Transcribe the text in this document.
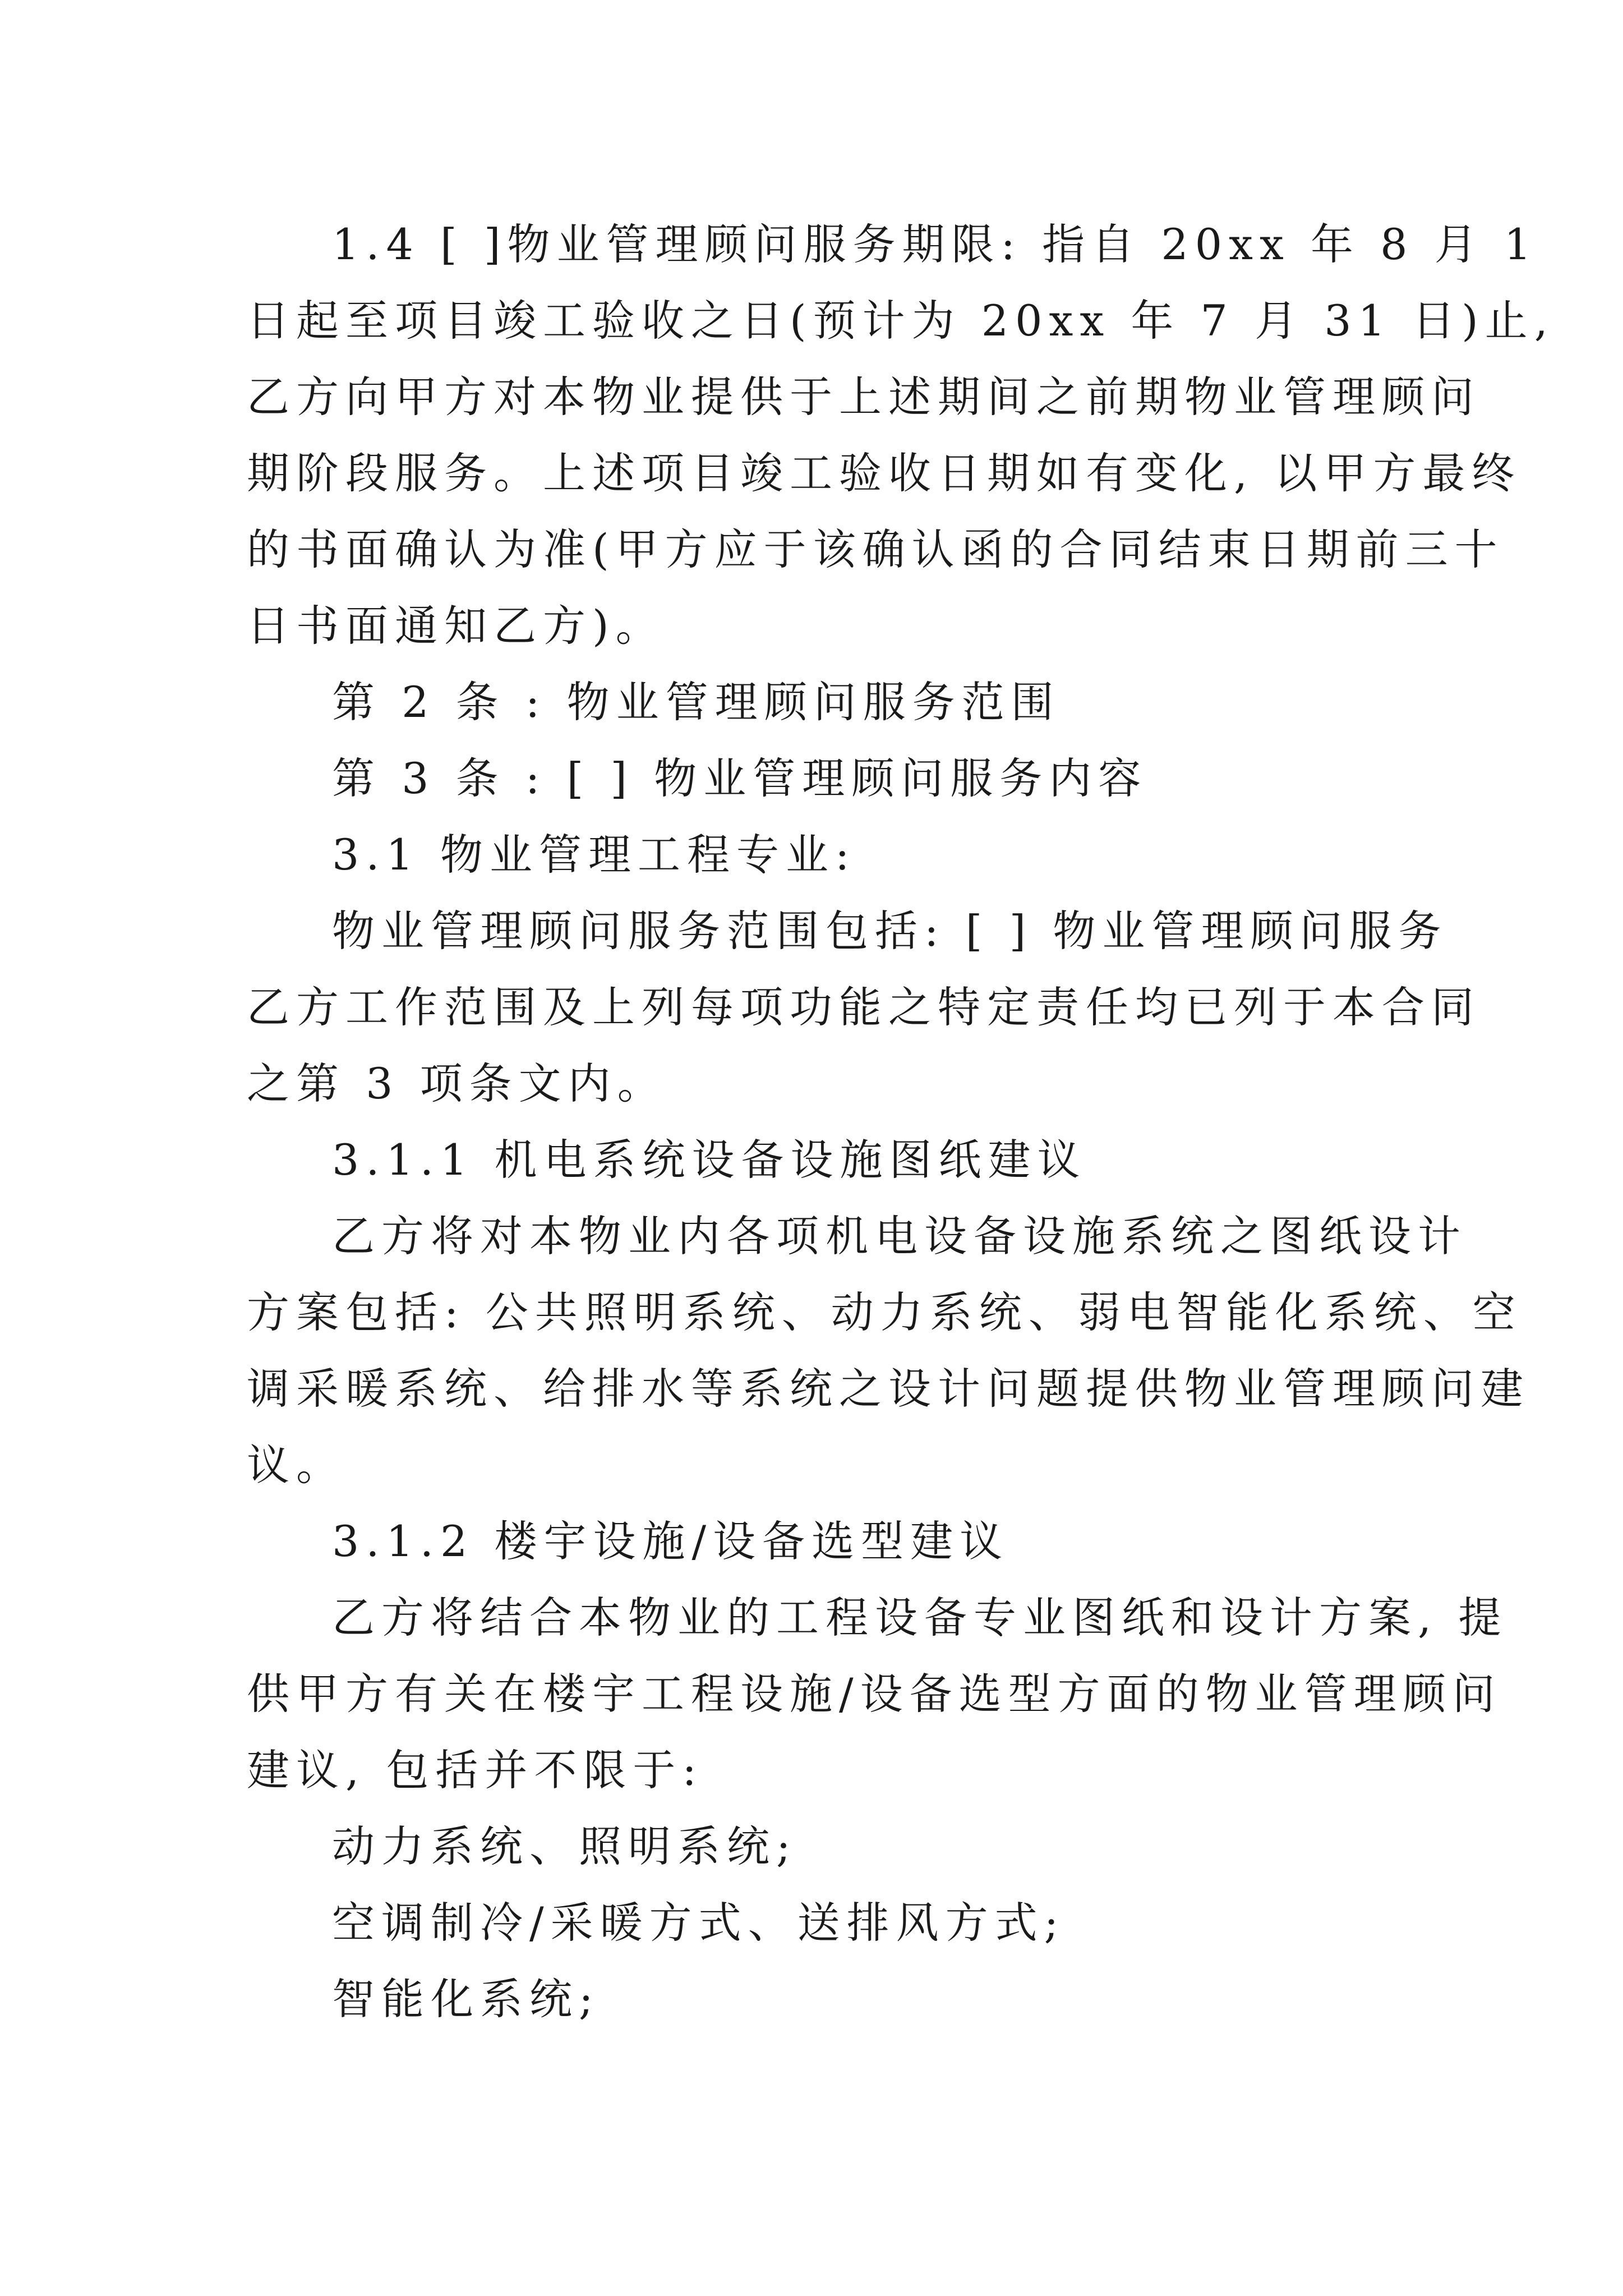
1.4 [ ]物业管理顾问服务期限: 指自 20xx 年 8 月 1
日起至项目竣工验收之日(预计为 20xx 年 7 月 31 日)止,
乙方向甲方对本物业提供于上述期间之前期物业管理顾问
期阶段服务。上述项目竣工验收日期如有变化, 以甲方最终
的书面确认为准(甲方应于该确认函的合同结束日期前三十
日书面通知乙方)。
第 2 条 : 物业管理顾问服务范围
第 3 条 : [ ] 物业管理顾问服务内容
3.1 物业管理工程专业:
物业管理顾问服务范围包括: [ ] 物业管理顾问服务
乙方工作范围及上列每项功能之特定责任均已列于本合同
之第 3 项条文内。
3.1.1 机电系统设备设施图纸建议
乙方将对本物业内各项机电设备设施系统之图纸设计
方案包括: 公共照明系统、动力系统、弱电智能化系统、空
调采暖系统、给排水等系统之设计问题提供物业管理顾问建
议。
3.1.2 楼宇设施/设备选型建议
乙方将结合本物业的工程设备专业图纸和设计方案, 提
供甲方有关在楼宇工程设施/设备选型方面的物业管理顾问
建议, 包括并不限于:
动力系统、照明系统;
空调制冷/采暖方式、送排风方式;
智能化系统;
